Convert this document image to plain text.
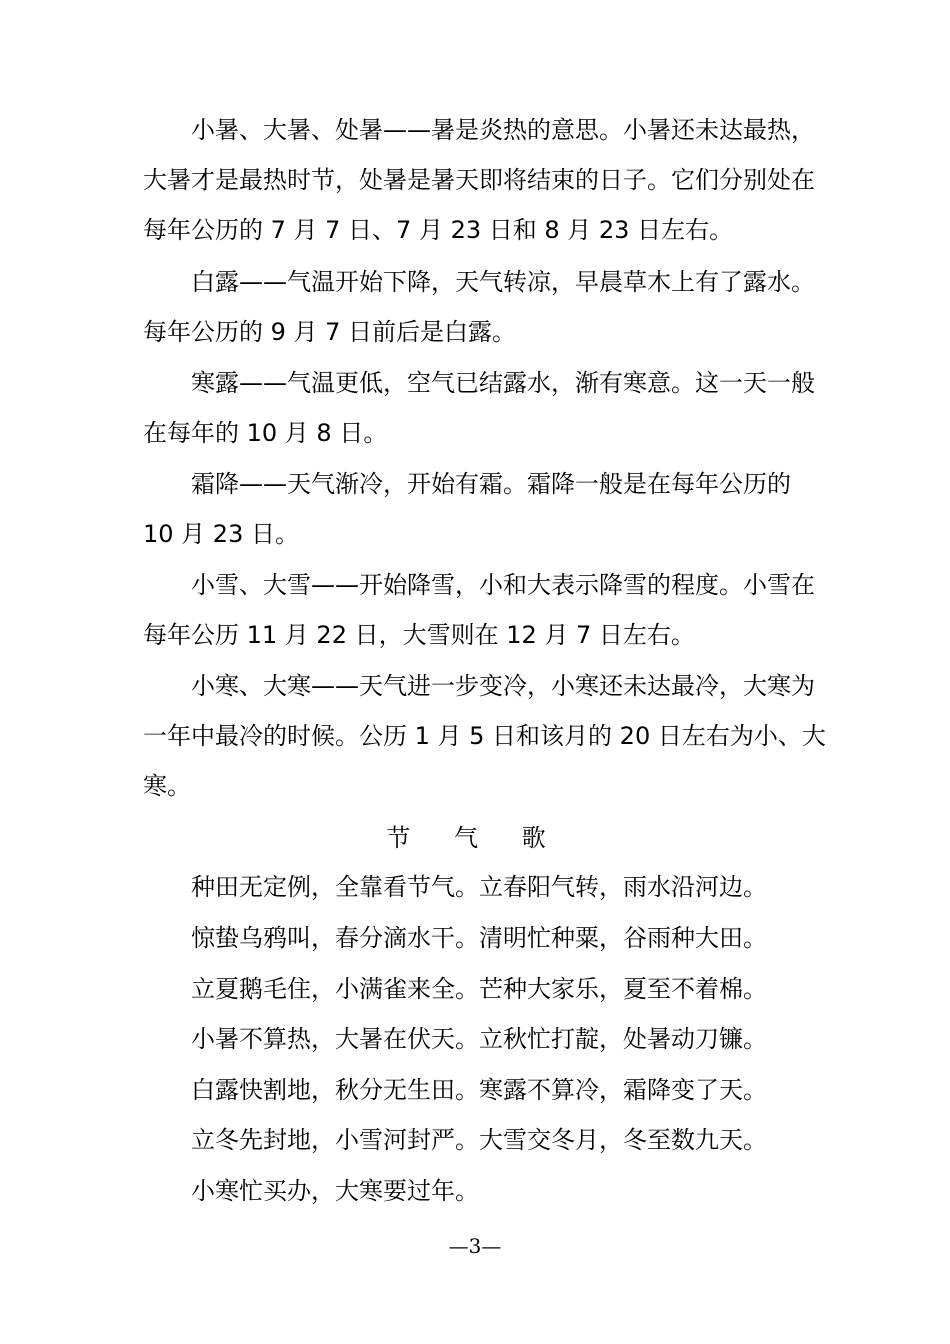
小暑、大暑、处暑——暑是炎热的意思。小暑还未达最热，
大暑才是最热时节，处暑是暑天即将结束的日子。它们分别处在
每年公历的 7 月 7 日、7 月 23 日和 8 月 23 日左右。
白露——气温开始下降，天气转凉，早晨草木上有了露水。
每年公历的 9 月 7 日前后是白露。
寒露——气温更低，空气已结露水，渐有寒意。这一天一般
在每年的 10 月 8 日。
霜降——天气渐冷，开始有霜。霜降一般是在每年公历的
10 月 23 日。
小雪、大雪——开始降雪，小和大表示降雪的程度。小雪在
每年公历 11 月 22 日，大雪则在 12 月 7 日左右。
小寒、大寒——天气进一步变冷，小寒还未达最冷，大寒为
一年中最冷的时候。公历 1 月 5 日和该月的 20 日左右为小、大
寒。
节 气 歌
种田无定例，全靠看节气。立春阳气转，雨水沿河边。
惊蛰乌鸦叫，春分滴水干。清明忙种粟，谷雨种大田。
立夏鹅毛住，小满雀来全。芒种大家乐，夏至不着棉。
小暑不算热，大暑在伏天。立秋忙打靛，处暑动刀镰。
白露快割地，秋分无生田。寒露不算冷，霜降变了天。
立冬先封地，小雪河封严。大雪交冬月，冬至数九天。
小寒忙买办，大寒要过年。
—3—
